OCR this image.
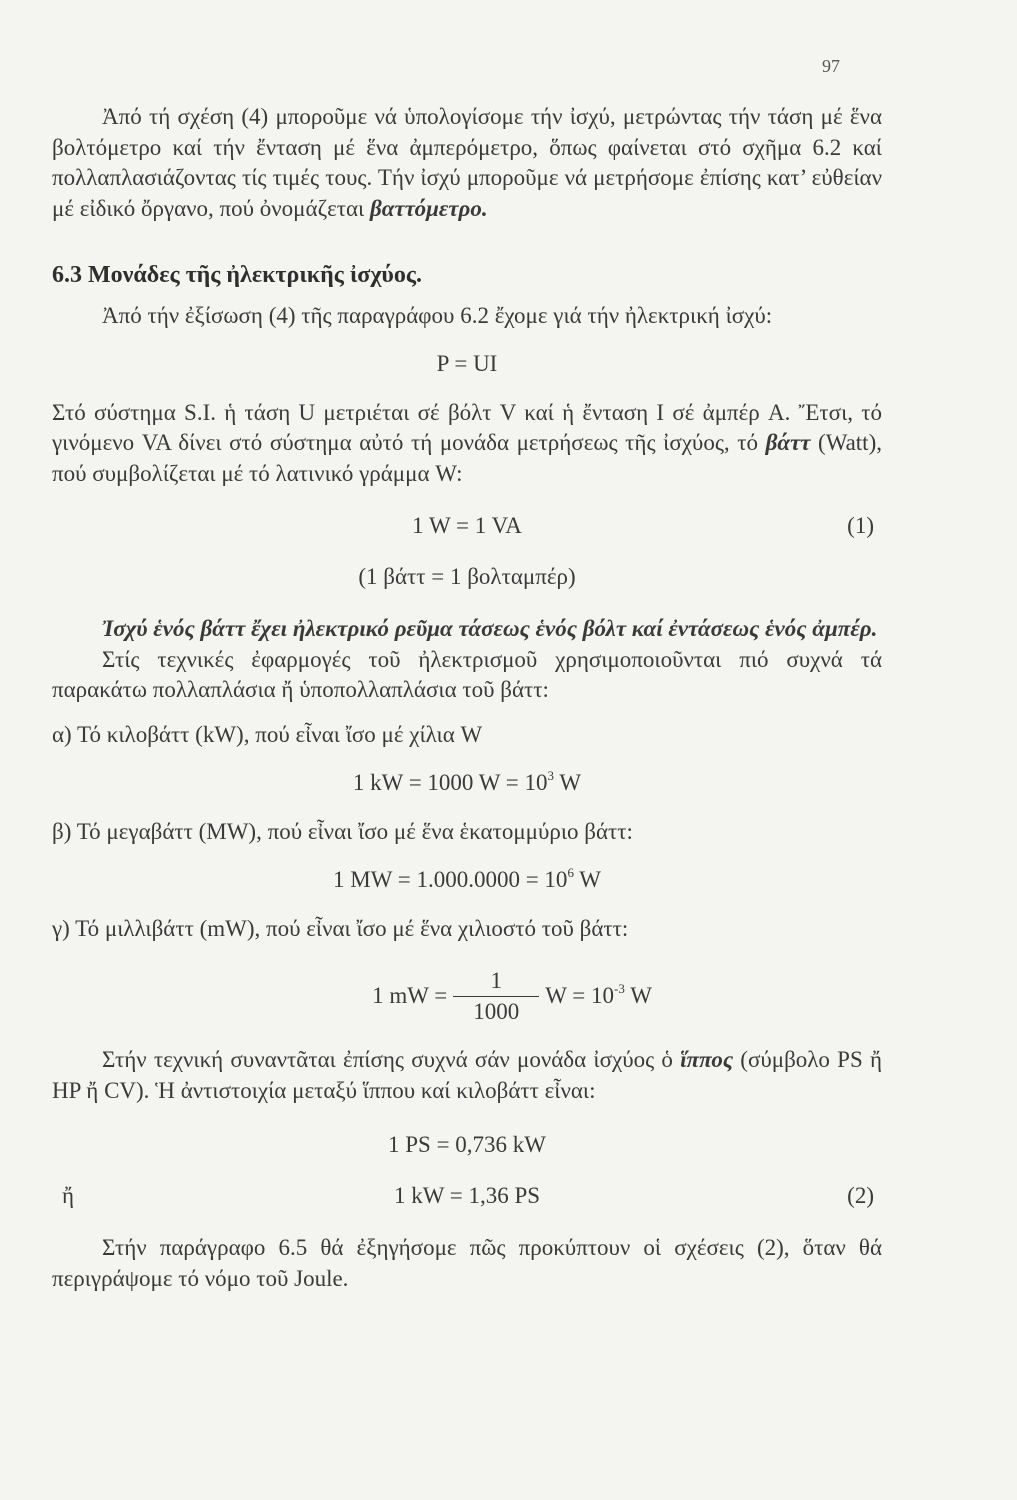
97

Ἀπό τή σχέση (4) μποροῦμε νά ὑπολογίσομε τήν ἰσχύ, μετρώντας τήν τάση μέ ἕνα βολτόμετρο καί τήν ἔνταση μέ ἕνα ἀμπερόμετρο, ὅπως φαίνεται στό σχῆμα 6.2 καί πολλαπλασιάζοντας τίς τιμές τους. Τήν ἰσχύ μποροῦμε νά μετρήσομε ἐπίσης κατ’ εὐθείαν μέ εἰδικό ὄργανο, πού ὀνομάζεται βαττόμετρο.

6.3 Μονάδες τῆς ἠλεκτρικῆς ἰσχύος.

Ἀπό τήν ἐξίσωση (4) τῆς παραγράφου 6.2 ἔχομε γιά τήν ἠλεκτρική ἰσχύ:

P = UI

Στό σύστημα S.I. ἡ τάση U μετριέται σέ βόλτ V καί ἡ ἔνταση I σέ ἀμπέρ A. Ἔτσι, τό γινόμενο VA δίνει στό σύστημα αὐτό τή μονάδα μετρήσεως τῆς ἰσχύος, τό βάττ (Watt), πού συμβολίζεται μέ τό λατινικό γράμμα W:

1 W = 1 VA	(1)
(1 βάττ = 1 βολταμπέρ)

Ἰσχύ ἑνός βάττ ἔχει ἠλεκτρικό ρεῦμα τάσεως ἑνός βόλτ καί ἐντάσεως ἑνός ἀμπέρ.

Στίς τεχνικές ἐφαρμογές τοῦ ἠλεκτρισμοῦ χρησιμοποιοῦνται πιό συχνά τά παρακάτω πολλαπλάσια ἤ ὑποπολλαπλάσια τοῦ βάττ:

α) Τό κιλοβάττ (kW), πού εἶναι ἴσο μέ χίλια W

1 kW = 1000 $W = 10^3$ W

β) Τό μεγαβάττ (MW), πού εἶναι ἴσο μέ ἕνα ἑκατομμύριο βάττ:

1 MW = $1.000.0000 = 10^6$ W

γ) Τό μιλλιβάττ (mW), πού εἶναι ἴσο μέ ἕνα χιλιοστό τοῦ βάττ:

1 mW = $\frac{1}{1000}$ $W = 10^{-3}$ W

Στήν τεχνική συναντᾶται ἐπίσης συχνά σάν μονάδα ἰσχύος ὁ ἵππος (σύμβολο PS ἤ HP ἤ CV). Ἡ ἀντιστοιχία μεταξύ ἵππου καί κιλοβάττ εἶναι:

1 PS = 0,736 kW
ἤ	1 kW = 1,36 PS	(2)

Στήν παράγραφο 6.5 θά ἐξηγήσομε πῶς προκύπτουν οἱ σχέσεις (2), ὅταν θά περιγράψομε τό νόμο τοῦ Joule.
